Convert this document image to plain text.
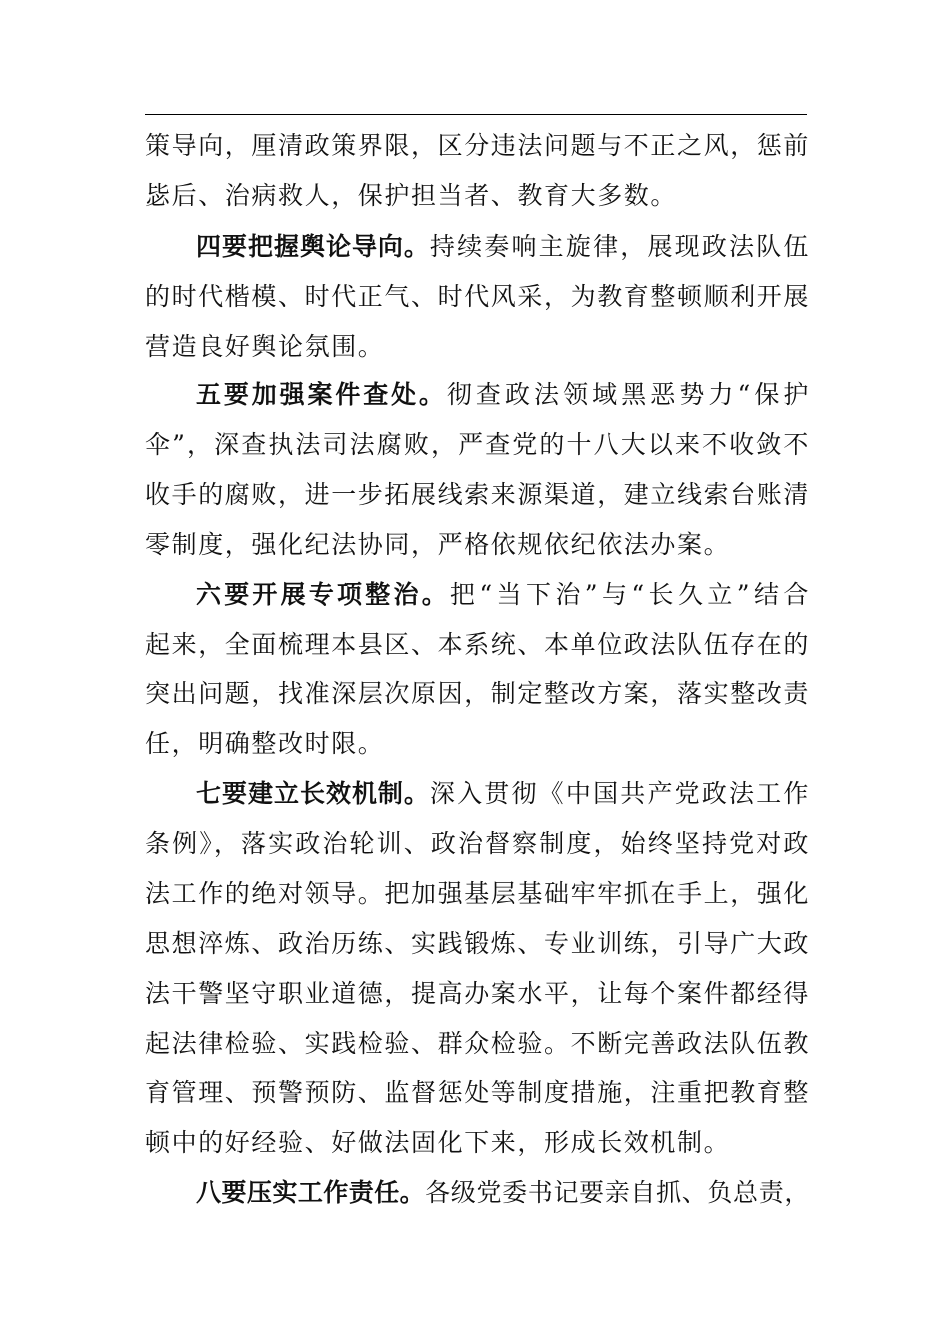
策导向，厘清政策界限，区分违法问题与不正之风，惩前
毖后、治病救人，保护担当者、教育大多数。
四要把握舆论导向。持续奏响主旋律，展现政法队伍
的时代楷模、时代正气、时代风采，为教育整顿顺利开展
营造良好舆论氛围。
五要加强案件查处。彻查政法领域黑恶势力“保护
伞”，深查执法司法腐败，严查党的十八大以来不收敛不
收手的腐败，进一步拓展线索来源渠道，建立线索台账清
零制度，强化纪法协同，严格依规依纪依法办案。
六要开展专项整治。把“当下治”与“长久立”结合
起来，全面梳理本县区、本系统、本单位政法队伍存在的
突出问题，找准深层次原因，制定整改方案，落实整改责
任，明确整改时限。
七要建立长效机制。深入贯彻《中国共产党政法工作
条例》，落实政治轮训、政治督察制度，始终坚持党对政
法工作的绝对领导。把加强基层基础牢牢抓在手上，强化
思想淬炼、政治历练、实践锻炼、专业训练，引导广大政
法干警坚守职业道德，提高办案水平，让每个案件都经得
起法律检验、实践检验、群众检验。不断完善政法队伍教
育管理、预警预防、监督惩处等制度措施，注重把教育整
顿中的好经验、好做法固化下来，形成长效机制。
八要压实工作责任。各级党委书记要亲自抓、负总责，
